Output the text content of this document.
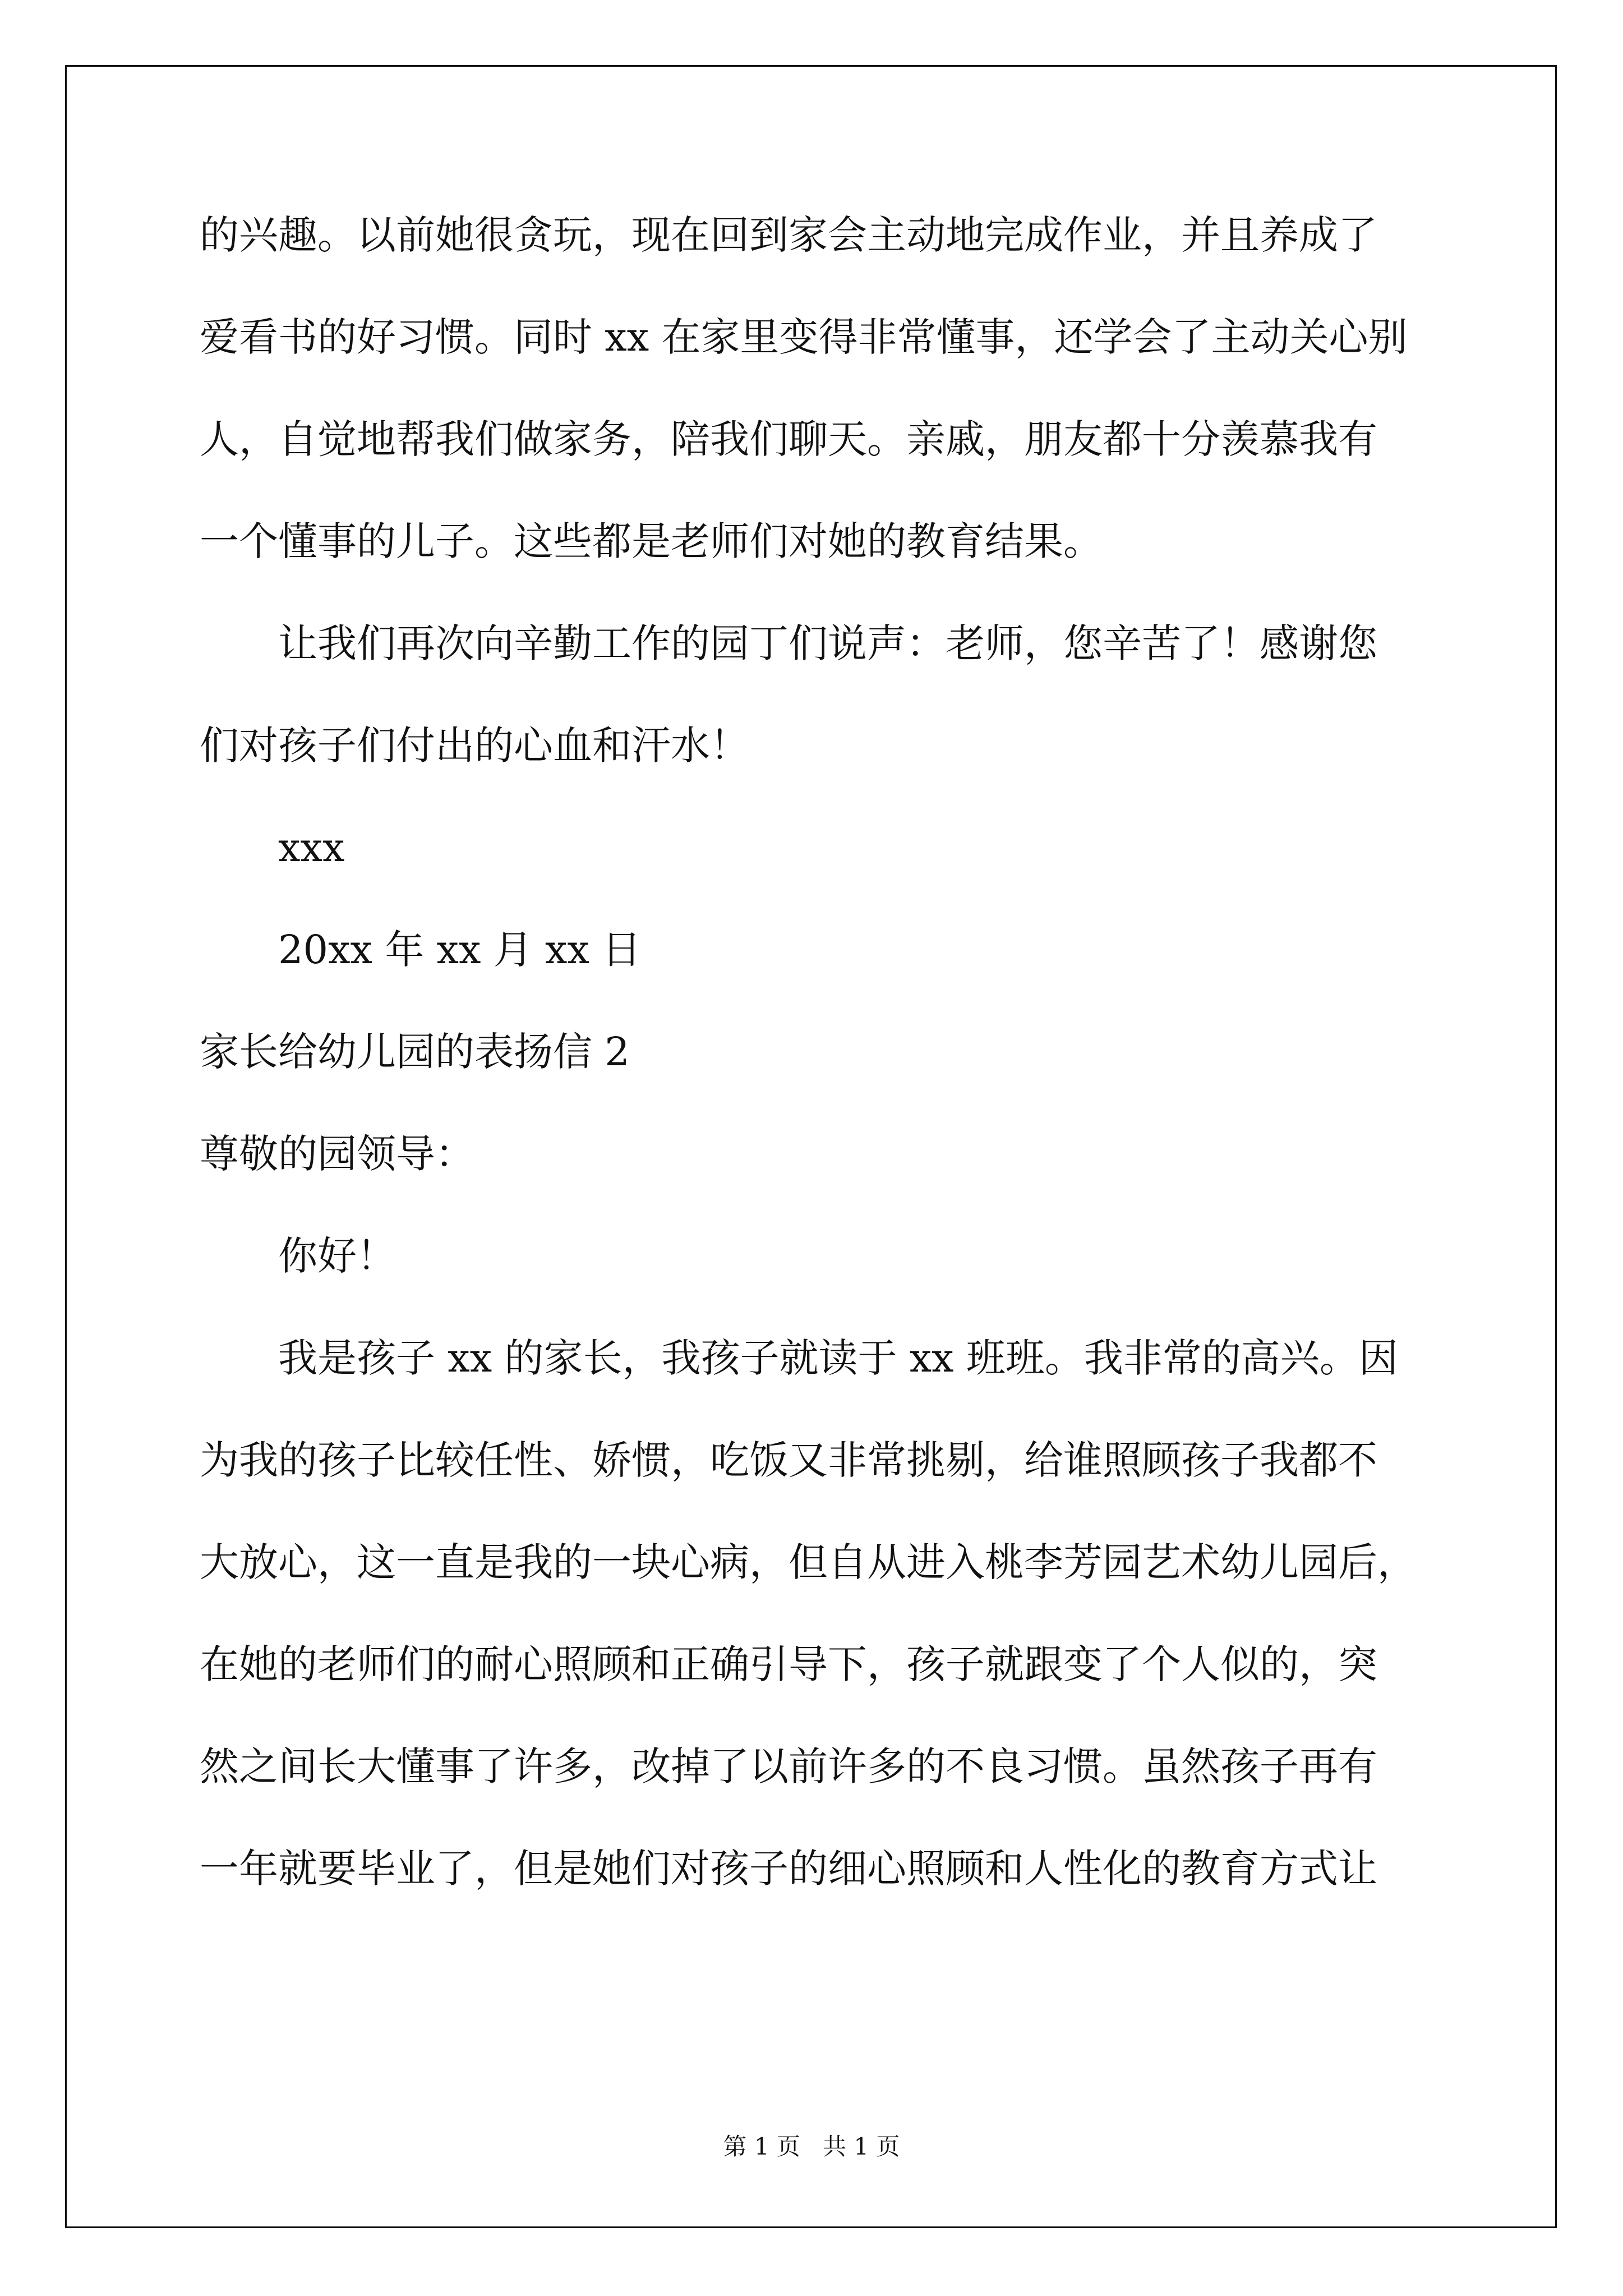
的兴趣。以前她很贪玩，现在回到家会主动地完成作业，并且养成了
爱看书的好习惯。同时 xx 在家里变得非常懂事，还学会了主动关心别
人，自觉地帮我们做家务，陪我们聊天。亲戚，朋友都十分羡慕我有
一个懂事的儿子。这些都是老师们对她的教育结果。
让我们再次向辛勤工作的园丁们说声：老师，您辛苦了！感谢您
们对孩子们付出的心血和汗水！
xxx
20xx 年 xx 月 xx 日
家长给幼儿园的表扬信 2
尊敬的园领导：
你好！
我是孩子 xx 的家长，我孩子就读于 xx 班班。我非常的高兴。因
为我的孩子比较任性、娇惯，吃饭又非常挑剔，给谁照顾孩子我都不
大放心，这一直是我的一块心病，但自从进入桃李芳园艺术幼儿园后，
在她的老师们的耐心照顾和正确引导下，孩子就跟变了个人似的，突
然之间长大懂事了许多，改掉了以前许多的不良习惯。虽然孩子再有
一年就要毕业了，但是她们对孩子的细心照顾和人性化的教育方式让
第 1 页   共 1 页
